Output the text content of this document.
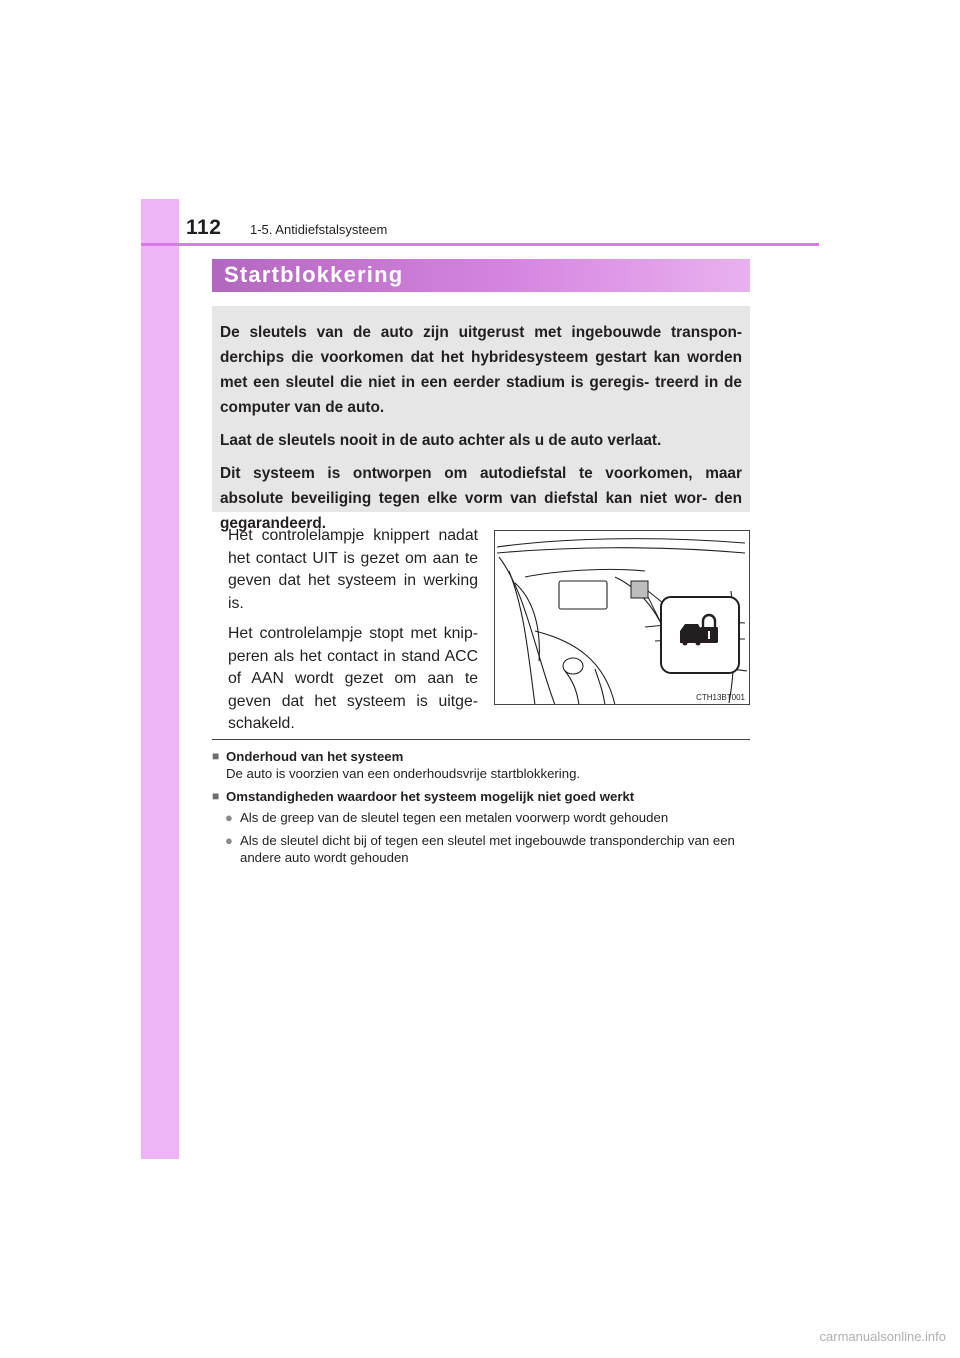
112 1-5. Antidiefstalsysteem
Startblokkering

De sleutels van de auto zijn uitgerust met ingebouwde transpon- derchips die voorkomen dat het hybridesysteem gestart kan worden met een sleutel die niet in een eerder stadium is geregis- treerd in de computer van de auto.

Laat de sleutels nooit in de auto achter als u de auto verlaat.

Dit systeem is ontworpen om autodiefstal te voorkomen, maar absolute beveiliging tegen elke vorm van diefstal kan niet wor- den gegarandeerd.

Het controlelampje knippert nadat het contact UIT is gezet om aan te geven dat het systeem in werking is.

Het controlelampje stopt met knip- peren als het contact in stand ACC of AAN wordt gezet om aan te geven dat het systeem is uitge- schakeld.

CTH13BT001
■ Onderhoud van het systeem
De auto is voorzien van een onderhoudsvrije startblokkering.
■ Omstandigheden waardoor het systeem mogelijk niet goed werkt
● Als de greep van de sleutel tegen een metalen voorwerp wordt gehouden
● Als de sleutel dicht bij of tegen een sleutel met ingebouwde transponderchip van een andere auto wordt gehouden
carmanualsonline.info
